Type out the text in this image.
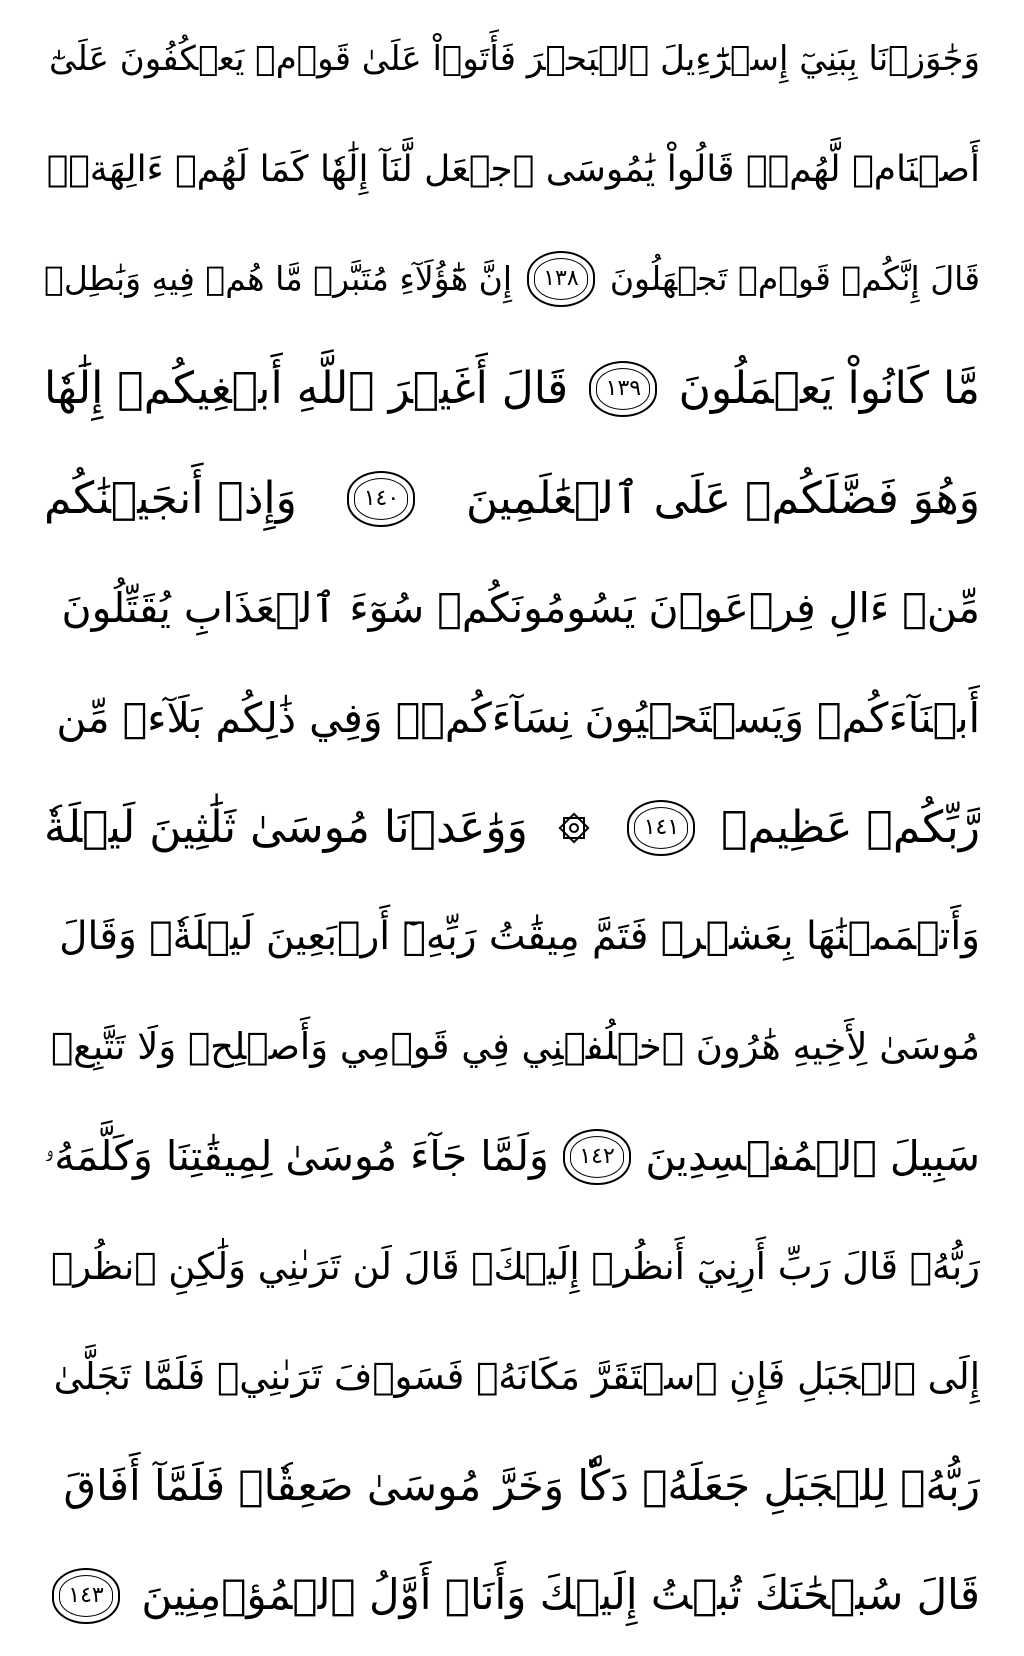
وَجَٰوَزۡنَا بِبَنِيٓ إِسۡرَٰٓءِيلَ ٱلۡبَحۡرَ فَأَتَوۡاْ عَلَىٰ قَوۡمٖ يَعۡكُفُونَ عَلَىٰٓ
أَصۡنَامٖ لَّهُمۡۚ قَالُواْ يَٰمُوسَى ٱجۡعَل لَّنَآ إِلَٰهٗا كَمَا لَهُمۡ ءَالِهَةٞۚ
قَالَ إِنَّكُمۡ قَوۡمٞ تَجۡهَلُونَ
١٣٨
إِنَّ هَٰٓؤُلَآءِ مُتَبَّرٞ مَّا هُمۡ فِيهِ وَبَٰطِلٞ
مَّا كَانُواْ يَعۡمَلُونَ
١٣٩
قَالَ أَغَيۡرَ ٱللَّهِ أَبۡغِيكُمۡ إِلَٰهٗا
وَهُوَ فَضَّلَكُمۡ عَلَى ٱلۡعَٰلَمِينَ
١٤٠
وَإِذۡ أَنجَيۡنَٰكُم
مِّنۡ ءَالِ فِرۡعَوۡنَ يَسُومُونَكُمۡ سُوٓءَ ٱلۡعَذَابِ يُقَتِّلُونَ
أَبۡنَآءَكُمۡ وَيَسۡتَحۡيُونَ نِسَآءَكُمۡۚ وَفِي ذَٰلِكُم بَلَآءٞ مِّن
رَّبِّكُمۡ عَظِيمٞ
١٤١
وَوَٰعَدۡنَا مُوسَىٰ ثَلَٰثِينَ لَيۡلَةٗ
وَأَتۡمَمۡنَٰهَا بِعَشۡرٖ فَتَمَّ مِيقَٰتُ رَبِّهِۦٓ أَرۡبَعِينَ لَيۡلَةٗۚ وَقَالَ
مُوسَىٰ لِأَخِيهِ هَٰرُونَ ٱخۡلُفۡنِي فِي قَوۡمِي وَأَصۡلِحۡ وَلَا تَتَّبِعۡ
سَبِيلَ ٱلۡمُفۡسِدِينَ
١٤٢
وَلَمَّا جَآءَ مُوسَىٰ لِمِيقَٰتِنَا وَكَلَّمَهُۥ
رَبُّهُۥ قَالَ رَبِّ أَرِنِيٓ أَنظُرۡ إِلَيۡكَۚ قَالَ لَن تَرَىٰنِي وَلَٰكِنِ ٱنظُرۡ
إِلَى ٱلۡجَبَلِ فَإِنِ ٱسۡتَقَرَّ مَكَانَهُۥ فَسَوۡفَ تَرَىٰنِيۚ فَلَمَّا تَجَلَّىٰ
رَبُّهُۥ لِلۡجَبَلِ جَعَلَهُۥ دَكّٗا وَخَرَّ مُوسَىٰ صَعِقٗاۚ فَلَمَّآ أَفَاقَ
قَالَ سُبۡحَٰنَكَ تُبۡتُ إِلَيۡكَ وَأَنَا۠ أَوَّلُ ٱلۡمُؤۡمِنِينَ
١٤٣
